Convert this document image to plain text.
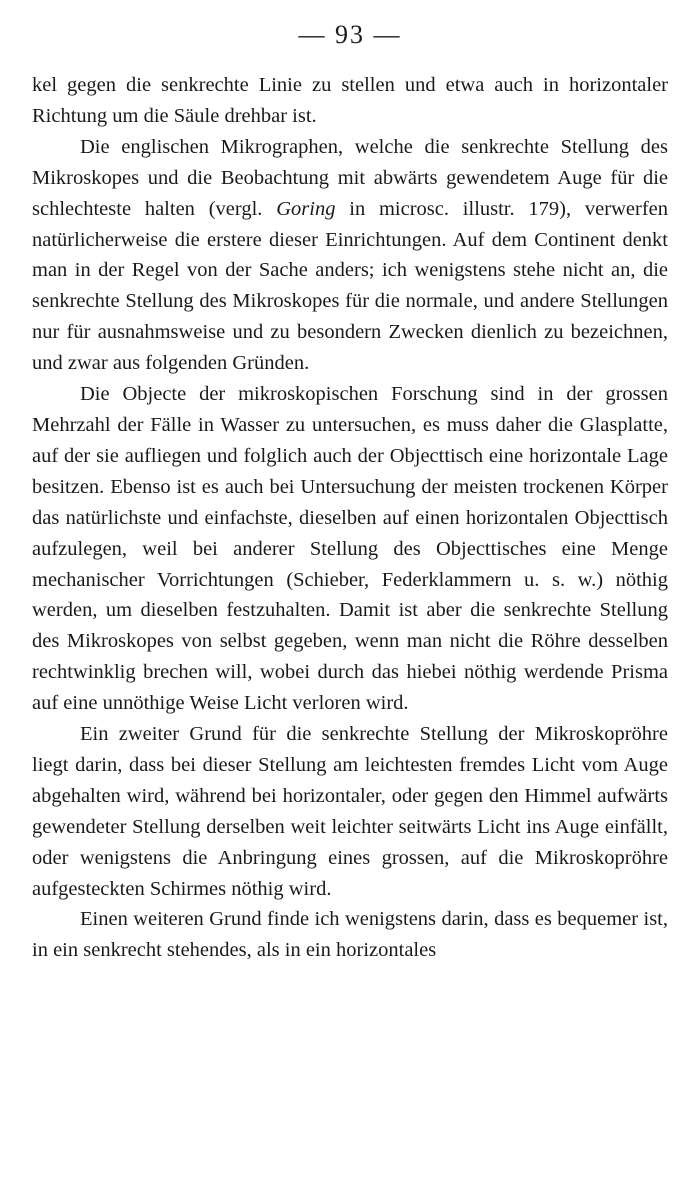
— 93 —

kel gegen die senkrechte Linie zu stellen und etwa auch in horizontaler Richtung um die Säule drehbar ist.

Die englischen Mikrographen, welche die senkrechte Stellung des Mikroskopes und die Beobachtung mit abwärts gewendetem Auge für die schlechteste halten (vergl. Goring in microsc. illustr. 179), verwerfen natürlicherweise die erstere dieser Einrichtungen. Auf dem Continent denkt man in der Regel von der Sache anders; ich wenigstens stehe nicht an, die senkrechte Stellung des Mikroskopes für die normale, und andere Stellungen nur für ausnahmsweise und zu besondern Zwecken dienlich zu bezeichnen, und zwar aus folgenden Gründen.

Die Objecte der mikroskopischen Forschung sind in der grossen Mehrzahl der Fälle in Wasser zu untersuchen, es muss daher die Glasplatte, auf der sie aufliegen und folglich auch der Objecttisch eine horizontale Lage besitzen. Ebenso ist es auch bei Untersuchung der meisten trockenen Körper das natürlichste und einfachste, dieselben auf einen horizontalen Objecttisch aufzulegen, weil bei anderer Stellung des Objecttisches eine Menge mechanischer Vorrichtungen (Schieber, Federklammern u. s. w.) nöthig werden, um dieselben festzuhalten. Damit ist aber die senkrechte Stellung des Mikroskopes von selbst gegeben, wenn man nicht die Röhre desselben rechtwinklig brechen will, wobei durch das hiebei nöthig werdende Prisma auf eine unnöthige Weise Licht verloren wird.

Ein zweiter Grund für die senkrechte Stellung der Mikroskopröhre liegt darin, dass bei dieser Stellung am leichtesten fremdes Licht vom Auge abgehalten wird, während bei horizontaler, oder gegen den Himmel aufwärts gewendeter Stellung derselben weit leichter seitwärts Licht ins Auge einfällt, oder wenigstens die Anbringung eines grossen, auf die Mikroskopröhre aufgesteckten Schirmes nöthig wird.

Einen weiteren Grund finde ich wenigstens darin, dass es bequemer ist, in ein senkrecht stehendes, als in ein horizontales
